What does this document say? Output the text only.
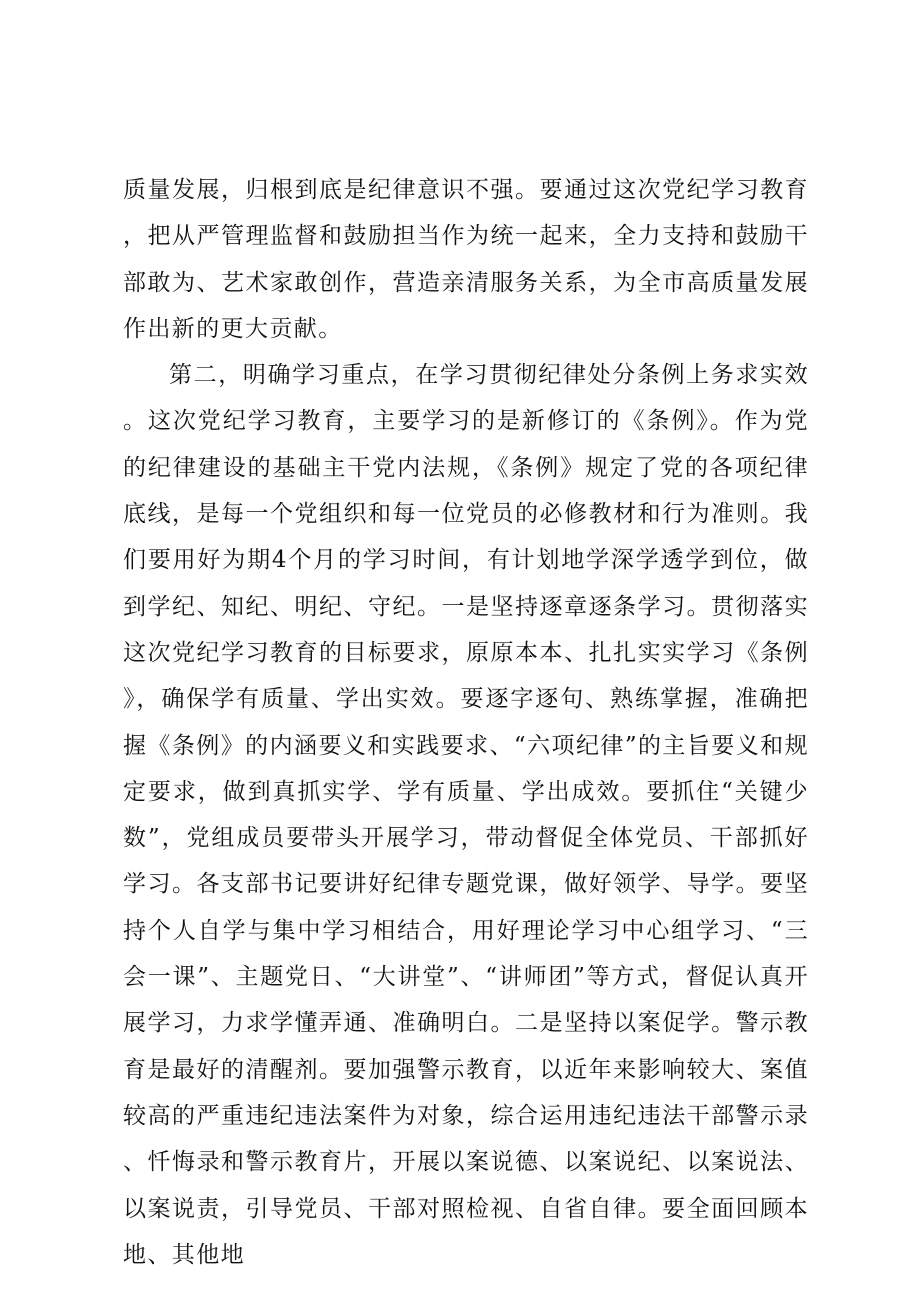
质量发展，归根到底是纪律意识不强。要通过这次党纪学习教育，把从严管理监督和鼓励担当作为统一起来，全力支持和鼓励干部敢为、艺术家敢创作，营造亲清服务关系，为全市高质量发展作出新的更大贡献。

第二，明确学习重点，在学习贯彻纪律处分条例上务求实效。这次党纪学习教育，主要学习的是新修订的《条例》。作为党的纪律建设的基础主干党内法规，《条例》规定了党的各项纪律底线，是每一个党组织和每一位党员的必修教材和行为准则。我们要用好为期4个月的学习时间，有计划地学深学透学到位，做到学纪、知纪、明纪、守纪。一是坚持逐章逐条学习。贯彻落实这次党纪学习教育的目标要求，原原本本、扎扎实实学习《条例》，确保学有质量、学出实效。要逐字逐句、熟练掌握，准确把握《条例》的内涵要义和实践要求、“六项纪律”的主旨要义和规定要求，做到真抓实学、学有质量、学出成效。要抓住“关键少数”，党组成员要带头开展学习，带动督促全体党员、干部抓好学习。各支部书记要讲好纪律专题党课，做好领学、导学。要坚持个人自学与集中学习相结合，用好理论学习中心组学习、“三会一课”、主题党日、“大讲堂”、“讲师团”等方式，督促认真开展学习，力求学懂弄通、准确明白。二是坚持以案促学。警示教育是最好的清醒剂。要加强警示教育，以近年来影响较大、案值较高的严重违纪违法案件为对象，综合运用违纪违法干部警示录、忏悔录和警示教育片，开展以案说德、以案说纪、以案说法、以案说责，引导党员、干部对照检视、自省自律。要全面回顾本地、其他地
